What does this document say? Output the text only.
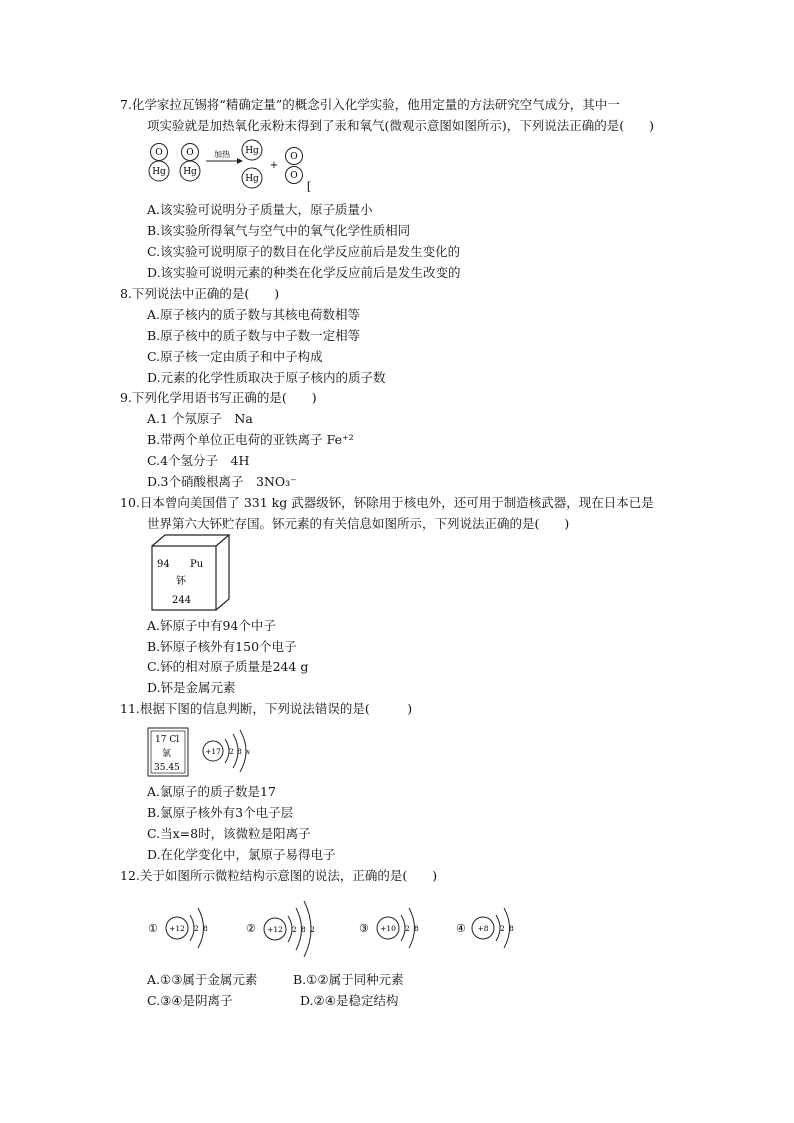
7.化学家拉瓦锡将“精确定量”的概念引入化学实验，他用定量的方法研究空气成分，其中一
项实验就是加热氧化汞粉末得到了汞和氧气(微观示意图如图所示)，下列说法正确的是(　　)
O
Hg
O
Hg
加热 Hg
Hg
+
O
O
[
A.该实验可说明分子质量大，原子质量小
B.该实验所得氧气与空气中的氧气化学性质相同
C.该实验可说明原子的数目在化学反应前后是发生变化的
D.该实验可说明元素的种类在化学反应前后是发生改变的
8.下列说法中正确的是(　　)
A.原子核内的质子数与其核电荷数相等
B.原子核中的质子数与中子数一定相等
C.原子核一定由质子和中子构成
D.元素的化学性质取决于原子核内的质子数
9.下列化学用语书写正确的是(　　)
A.1 个氖原子　Na
B.带两个单位正电荷的亚铁离子 Fe⁺²
C.4个氢分子　4H
D.3个硝酸根离子　3NO₃⁻
10.日本曾向美国借了 331 kg 武器级钚，钚除用于核电外，还可用于制造核武器，现在日本已是
世界第六大钚贮存国。钚元素的有关信息如图所示，下列说法正确的是(　　)
94 Pu
钚
244
A.钚原子中有94个中子
B.钚原子核外有150个电子
C.钚的相对原子质量是244 g
D.钚是金属元素
11.根据下图的信息判断，下列说法错误的是(　　　)
17 Cl
氯
35.45
+17 2 8 x
A.氯原子的质子数是17
B.氯原子核外有3个电子层
C.当x=8时，该微粒是阳离子
D.在化学变化中，氯原子易得电子
12.关于如图所示微粒结构示意图的说法，正确的是(　　)
① +12 2 8	② +12 2 8 2	③ +10 2 8	④ +8 2 8
A.①③属于金属元素	B.①②属于同种元素
C.③④是阴离子	D.②④是稳定结构
